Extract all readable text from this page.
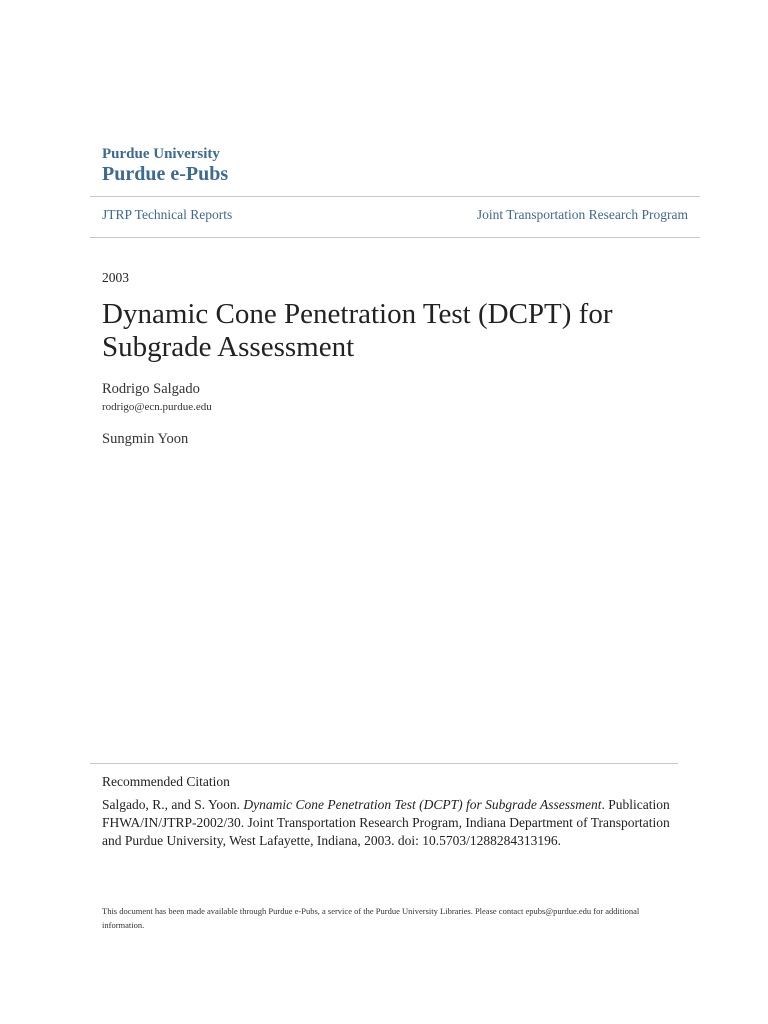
Purdue University
Purdue e-Pubs
JTRP Technical Reports	Joint Transportation Research Program
2003
Dynamic Cone Penetration Test (DCPT) for Subgrade Assessment
Rodrigo Salgado
rodrigo@ecn.purdue.edu
Sungmin Yoon
Recommended Citation
Salgado, R., and S. Yoon. Dynamic Cone Penetration Test (DCPT) for Subgrade Assessment. Publication FHWA/IN/JTRP-2002/30. Joint Transportation Research Program, Indiana Department of Transportation and Purdue University, West Lafayette, Indiana, 2003. doi: 10.5703/1288284313196.
This document has been made available through Purdue e-Pubs, a service of the Purdue University Libraries. Please contact epubs@purdue.edu for additional information.
